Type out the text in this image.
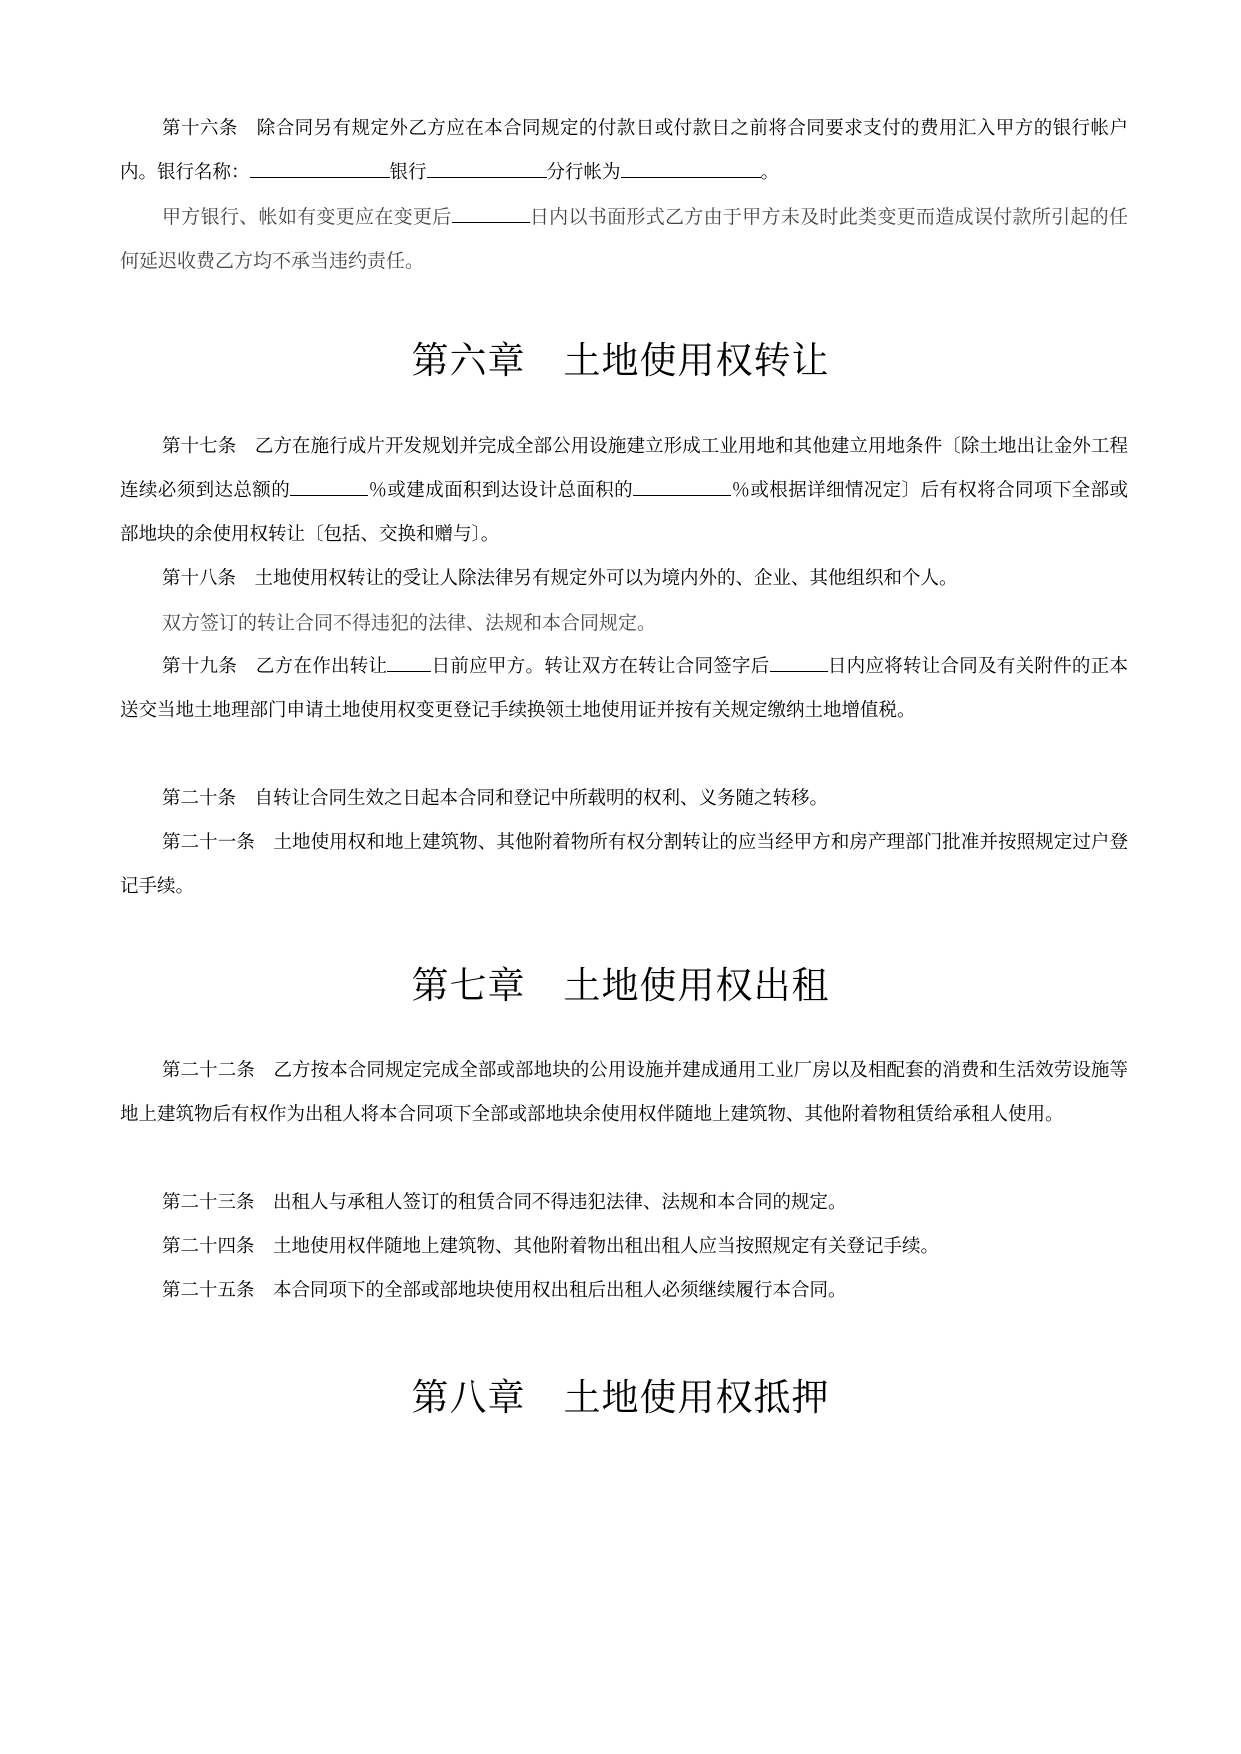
第十六条　除合同另有规定外乙方应在本合同规定的付款日或付款日之前将合同要求支付的费用汇入甲方的银行帐户内。银行名称：	银行	分行帐为	。

甲方银行、帐如有变更应在变更后	日内以书面形式乙方由于甲方未及时此类变更而造成误付款所引起的任何延迟收费乙方均不承当违约责任。

第六章 土地使用权转让

第十七条　乙方在施行成片开发规划并完成全部公用设施建立形成工业用地和其他建立用地条件〔除土地出让金外工程连续必须到达总额的	％或建成面积到达设计总面积的	％或根据详细情况定〕后有权将合同项下全部或部地块的余使用权转让〔包括、交换和赠与〕。

第十八条　土地使用权转让的受让人除法律另有规定外可以为境内外的、企业、其他组织和个人。

双方签订的转让合同不得违犯的法律、法规和本合同规定。

第十九条　乙方在作出转让 日前应甲方。转让双方在转让合同签字后	日内应将转让合同及有关附件的正本送交当地土地理部门申请土地使用权变更登记手续换领土地使用证并按有关规定缴纳土地增值税。

第二十条　自转让合同生效之日起本合同和登记中所载明的权利、义务随之转移。

第二十一条　土地使用权和地上建筑物、其他附着物所有权分割转让的应当经甲方和房产理部门批准并按照规定过户登记手续。

第七章 土地使用权出租

第二十二条　乙方按本合同规定完成全部或部地块的公用设施并建成通用工业厂房以及相配套的消费和生活效劳设施等地上建筑物后有权作为出租人将本合同项下全部或部地块余使用权伴随地上建筑物、其他附着物租赁给承租人使用。

第二十三条　出租人与承租人签订的租赁合同不得违犯法律、法规和本合同的规定。

第二十四条　土地使用权伴随地上建筑物、其他附着物出租出租人应当按照规定有关登记手续。

第二十五条　本合同项下的全部或部地块使用权出租后出租人必须继续履行本合同。

第八章 土地使用权抵押
